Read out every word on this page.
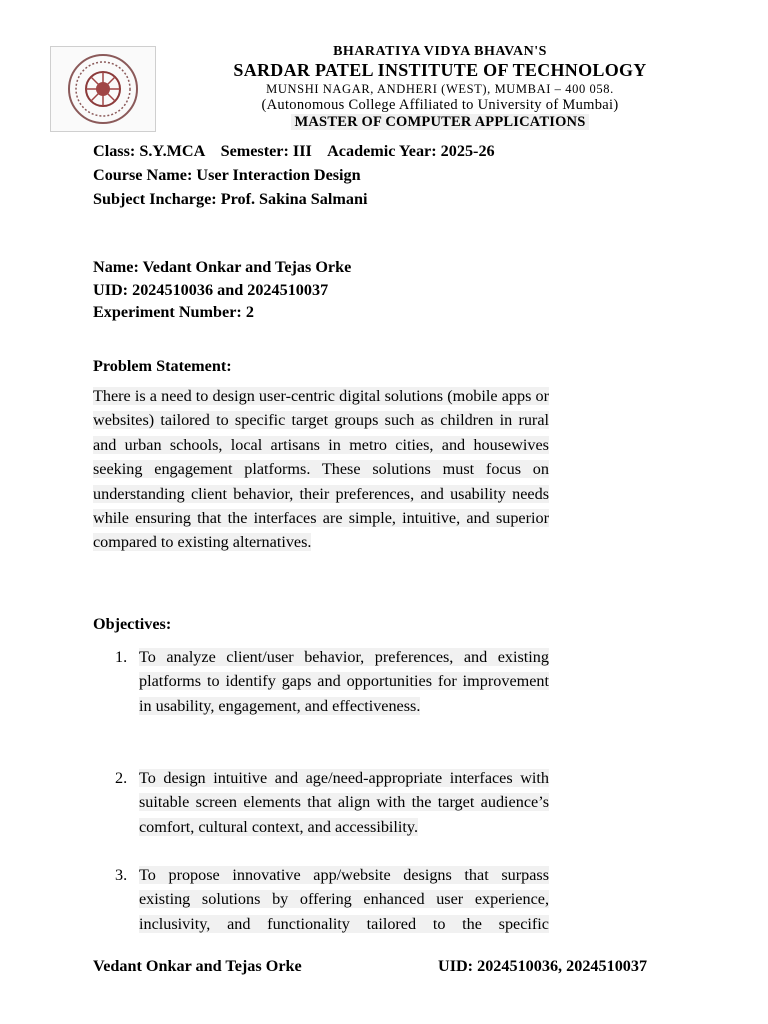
BHARATIYA VIDYA BHAVAN'S
SARDAR PATEL INSTITUTE OF TECHNOLOGY
MUNSHI NAGAR, ANDHERI (WEST), MUMBAI – 400 058.
(Autonomous College Affiliated to University of Mumbai)
MASTER OF COMPUTER APPLICATIONS
Class: S.Y.MCA    Semester: III    Academic Year: 2025-26
Course Name: User Interaction Design
Subject Incharge: Prof. Sakina Salmani
Name: Vedant Onkar and Tejas Orke
UID: 2024510036 and 2024510037
Experiment Number: 2
Problem Statement:
There is a need to design user-centric digital solutions (mobile apps or websites) tailored to specific target groups such as children in rural and urban schools, local artisans in metro cities, and housewives seeking engagement platforms. These solutions must focus on understanding client behavior, their preferences, and usability needs while ensuring that the interfaces are simple, intuitive, and superior compared to existing alternatives.
Objectives:
1. To analyze client/user behavior, preferences, and existing platforms to identify gaps and opportunities for improvement in usability, engagement, and effectiveness.
2. To design intuitive and age/need-appropriate interfaces with suitable screen elements that align with the target audience’s comfort, cultural context, and accessibility.
3. To propose innovative app/website designs that surpass existing solutions by offering enhanced user experience, inclusivity, and functionality tailored to the specific
Vedant Onkar and Tejas Orke	UID: 2024510036, 2024510037
